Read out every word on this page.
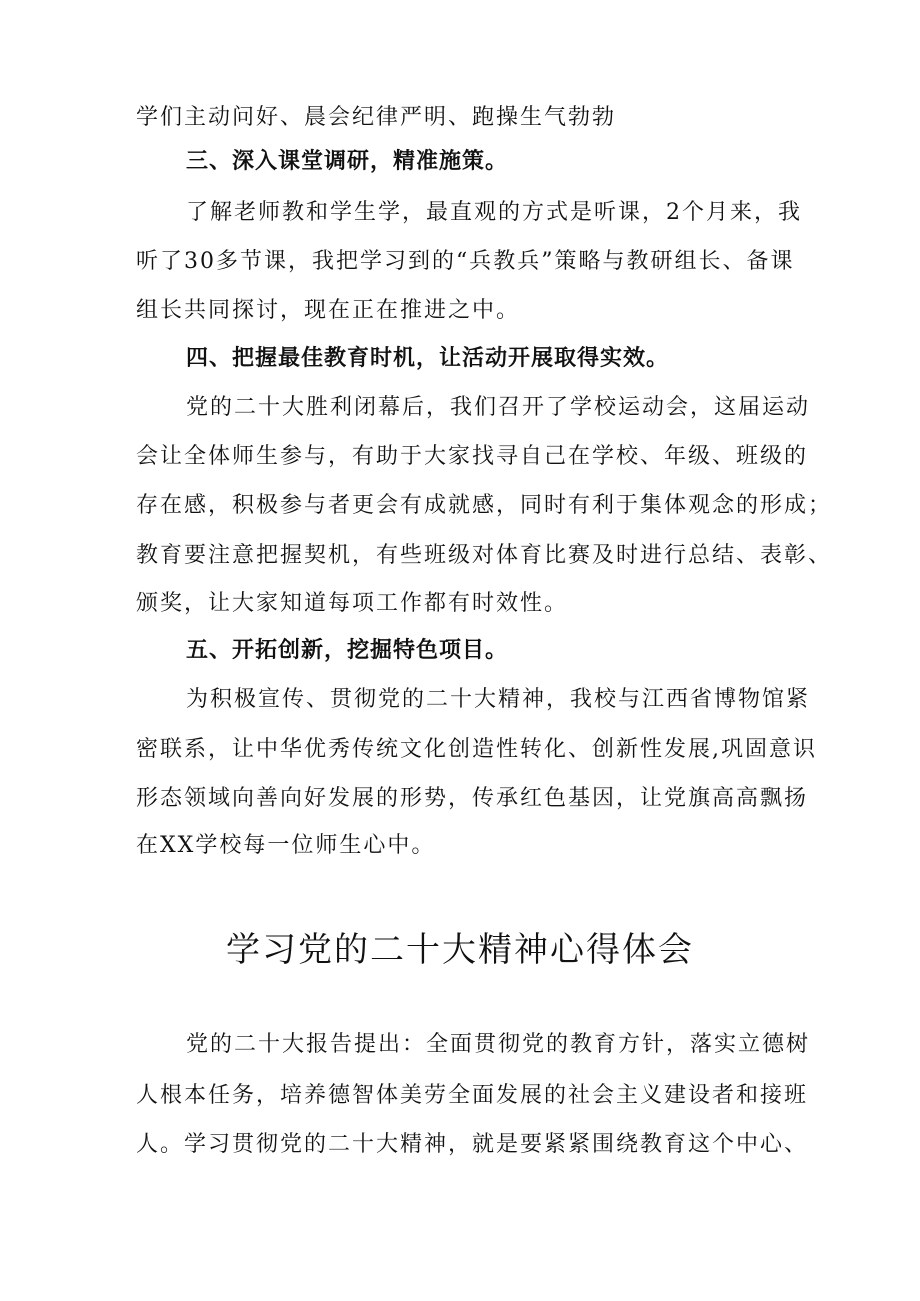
学们主动问好、晨会纪律严明、跑操生气勃勃
三、深入课堂调研，精准施策。
了解老师教和学生学，最直观的方式是听课，2个月来，我
听了30多节课，我把学习到的“兵教兵”策略与教研组长、备课
组长共同探讨，现在正在推进之中。
四、把握最佳教育时机，让活动开展取得实效。
党的二十大胜利闭幕后，我们召开了学校运动会，这届运动
会让全体师生参与，有助于大家找寻自己在学校、年级、班级的
存在感，积极参与者更会有成就感，同时有利于集体观念的形成；
教育要注意把握契机，有些班级对体育比赛及时进行总结、表彰、
颁奖，让大家知道每项工作都有时效性。
五、开拓创新，挖掘特色项目。
为积极宣传、贯彻党的二十大精神，我校与江西省博物馆紧
密联系，让中华优秀传统文化创造性转化、创新性发展,巩固意识
形态领域向善向好发展的形势，传承红色基因，让党旗高高飘扬
在XX学校每一位师生心中。
学习党的二十大精神心得体会
党的二十大报告提出：全面贯彻党的教育方针，落实立德树
人根本任务，培养德智体美劳全面发展的社会主义建设者和接班
人。学习贯彻党的二十大精神，就是要紧紧围绕教育这个中心、
